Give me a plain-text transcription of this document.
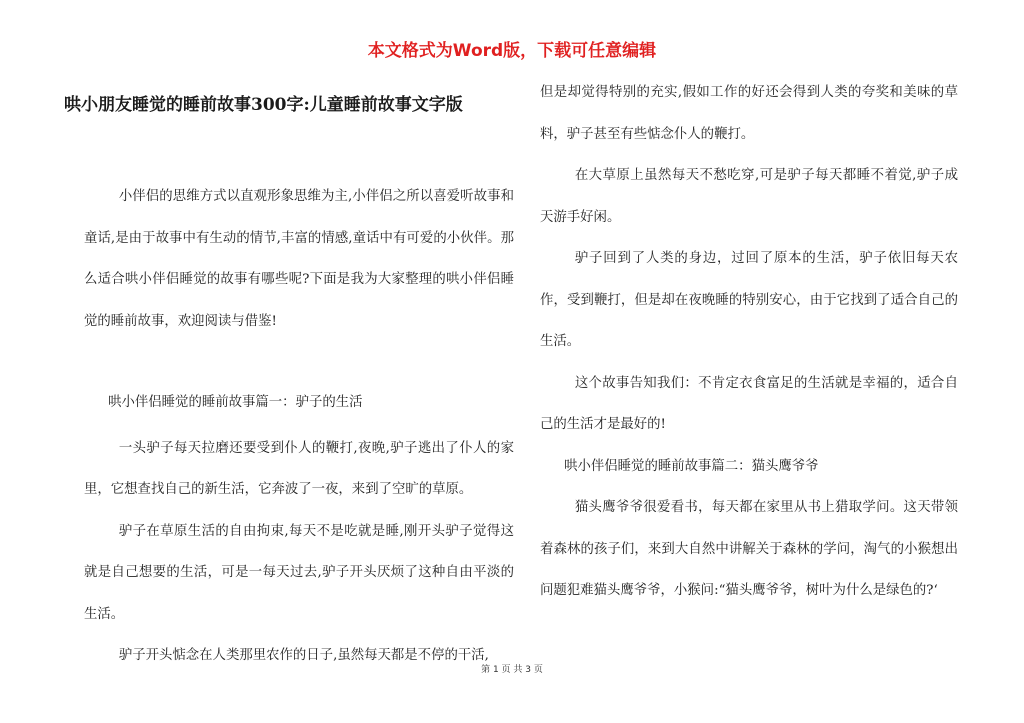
本文格式为Word版，下载可任意编辑
哄小朋友睡觉的睡前故事300字:儿童睡前故事文字版

小伴侣的思维方式以直观形象思维为主,小伴侣之所以喜爱听故事和童话,是由于故事中有生动的情节,丰富的情感,童话中有可爱的小伙伴。那么适合哄小伴侣睡觉的故事有哪些呢?下面是我为大家整理的哄小伴侣睡觉的睡前故事，欢迎阅读与借鉴!

哄小伴侣睡觉的睡前故事篇一：驴子的生活

一头驴子每天拉磨还要受到仆人的鞭打,夜晚,驴子逃出了仆人的家里，它想查找自己的新生活，它奔波了一夜，来到了空旷的草原。

驴子在草原生活的自由拘束,每天不是吃就是睡,刚开头驴子觉得这就是自己想要的生活，可是一每天过去,驴子开头厌烦了这种自由平淡的生活。

驴子开头惦念在人类那里农作的日子,虽然每天都是不停的干活,

但是却觉得特别的充实,假如工作的好还会得到人类的夸奖和美味的草料，驴子甚至有些惦念仆人的鞭打。

在大草原上虽然每天不愁吃穿,可是驴子每天都睡不着觉,驴子成天游手好闲。

驴子回到了人类的身边，过回了原本的生活，驴子依旧每天农作，受到鞭打，但是却在夜晚睡的特别安心，由于它找到了适合自己的生活。

这个故事告知我们：不肯定衣食富足的生活就是幸福的，适合自己的生活才是最好的!

哄小伴侣睡觉的睡前故事篇二：猫头鹰爷爷

猫头鹰爷爷很爱看书，每天都在家里从书上猎取学问。这天带领着森林的孩子们，来到大自然中讲解关于森林的学问，淘气的小猴想出问题犯难猫头鹰爷爷，小猴问:“猫头鹰爷爷，树叶为什么是绿色的?‘

第 1 页 共 3 页
